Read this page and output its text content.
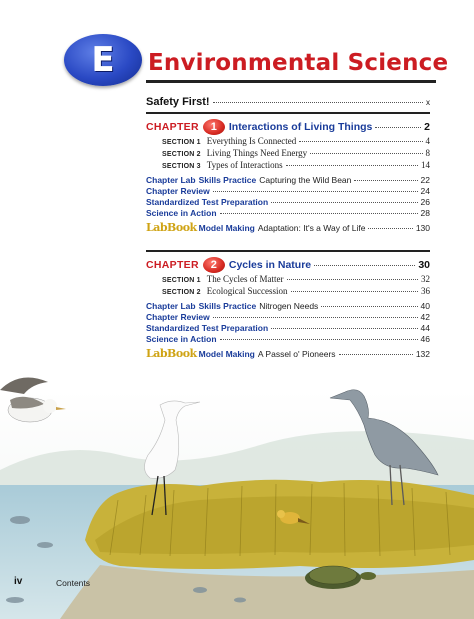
E Environmental Science
Safety First!	x
CHAPTER	1	Interactions of Living Things	2
SECTION 1 Everything Is Connected	4
SECTION 2 Living Things Need Energy	8
SECTION 3 Types of Interactions	14
Chapter Lab Skills Practice Capturing the Wild Bean	22
Chapter Review	24
Standardized Test Preparation	26
Science in Action	28
LabBook Model Making Adaptation: It's a Way of Life	130
CHAPTER	2	Cycles in Nature	30
SECTION 1 The Cycles of Matter	32
SECTION 2 Ecological Succession	36
Chapter Lab Skills Practice Nitrogen Needs	40
Chapter Review	42
Standardized Test Preparation	44
Science in Action	46
LabBook Model Making A Passel o' Pioneers	132
iv	Contents
